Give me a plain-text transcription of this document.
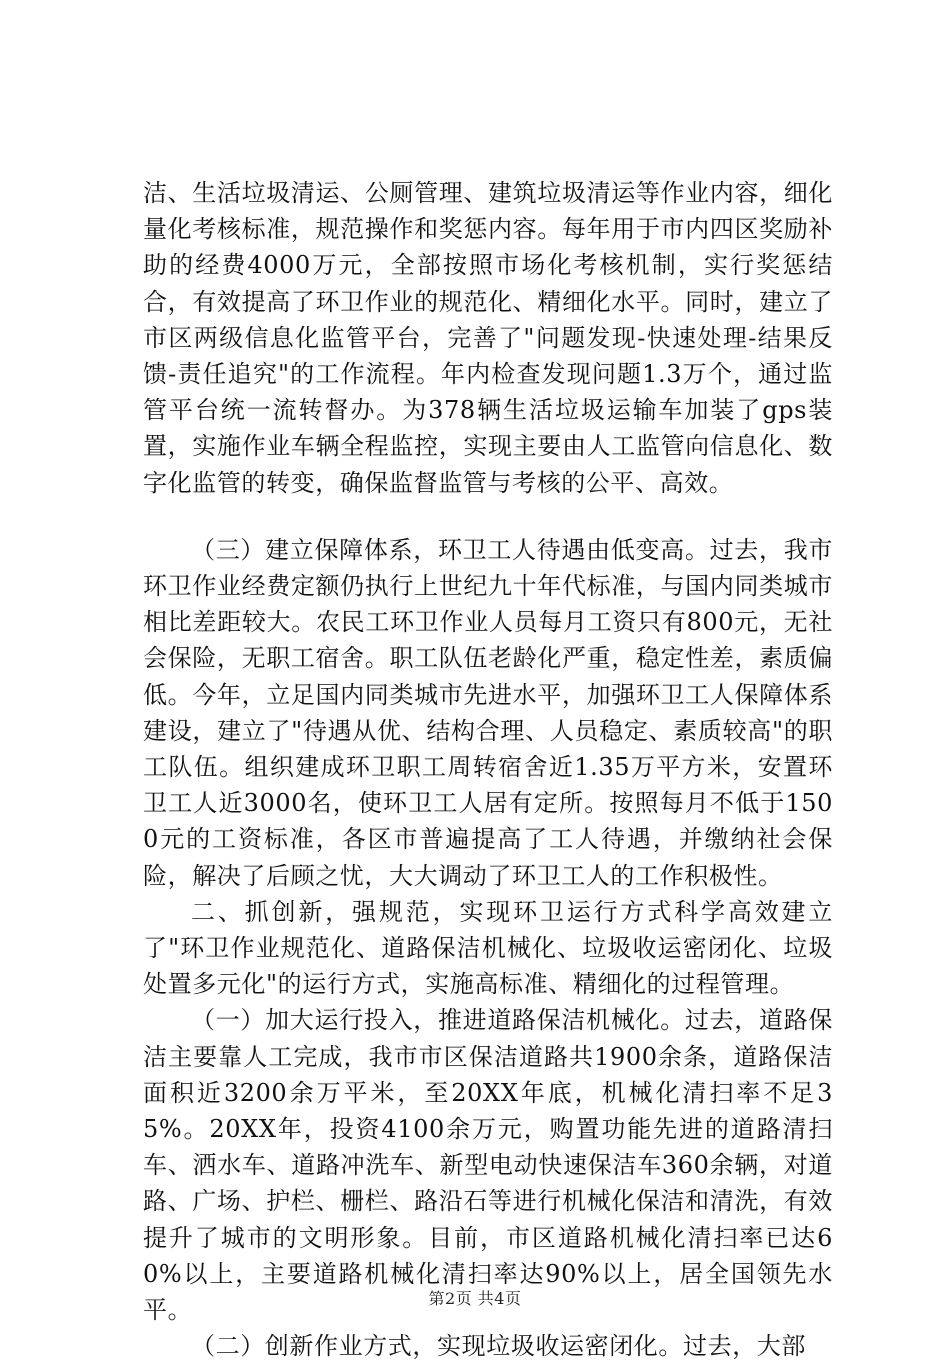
洁、生活垃圾清运、公厕管理、建筑垃圾清运等作业内容，细化量化考核标准，规范操作和奖惩内容。每年用于市内四区奖励补助的经费4000万元，全部按照市场化考核机制，实行奖惩结合，有效提高了环卫作业的规范化、精细化水平。同时，建立了市区两级信息化监管平台，完善了"问题发现-快速处理-结果反馈-责任追究"的工作流程。年内检查发现问题1.3万个，通过监管平台统一流转督办。为378辆生活垃圾运输车加装了gps装置，实施作业车辆全程监控，实现主要由人工监管向信息化、数字化监管的转变，确保监督监管与考核的公平、高效。

（三）建立保障体系，环卫工人待遇由低变高。过去，我市环卫作业经费定额仍执行上世纪九十年代标准，与国内同类城市相比差距较大。农民工环卫作业人员每月工资只有800元，无社会保险，无职工宿舍。职工队伍老龄化严重，稳定性差，素质偏低。今年，立足国内同类城市先进水平，加强环卫工人保障体系建设，建立了"待遇从优、结构合理、人员稳定、素质较高"的职工队伍。组织建成环卫职工周转宿舍近1.35万平方米，安置环卫工人近3000名，使环卫工人居有定所。按照每月不低于1500元的工资标准，各区市普遍提高了工人待遇，并缴纳社会保险，解决了后顾之忧，大大调动了环卫工人的工作积极性。

二、抓创新，强规范，实现环卫运行方式科学高效建立了"环卫作业规范化、道路保洁机械化、垃圾收运密闭化、垃圾处置多元化"的运行方式，实施高标准、精细化的过程管理。

（一）加大运行投入，推进道路保洁机械化。过去，道路保洁主要靠人工完成，我市市区保洁道路共1900余条，道路保洁面积近3200余万平米，至20XX年底，机械化清扫率不足35%。20XX年，投资4100余万元，购置功能先进的道路清扫车、洒水车、道路冲洗车、新型电动快速保洁车360余辆，对道路、广场、护栏、栅栏、路沿石等进行机械化保洁和清洗，有效提升了城市的文明形象。目前，市区道路机械化清扫率已达60%以上，主要道路机械化清扫率达90%以上，居全国领先水平。

（二）创新作业方式，实现垃圾收运密闭化。过去，大部

第2页 共4页
